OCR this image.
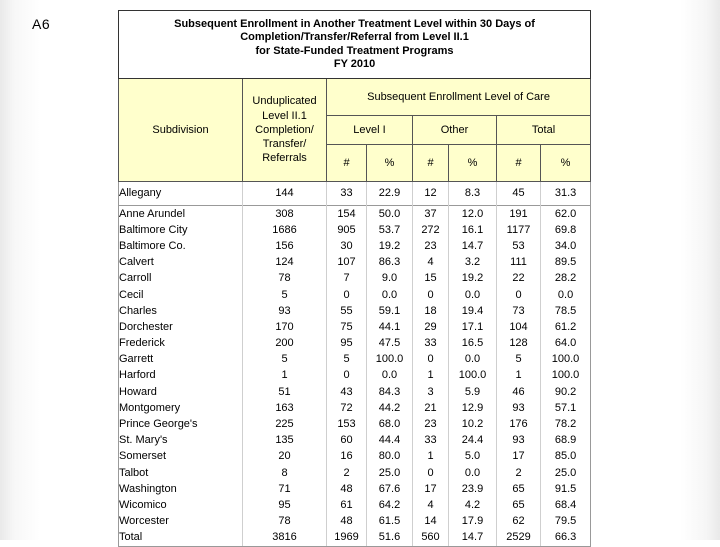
A6	Subsequent Enrollment in Another Treatment Level within 30 Days of
Completion/Transfer/Referral from Level II.1
for State-Funded Treatment Programs
FY 2010							

Subdivision	Unduplicated
Level II.1
Completion/
Transfer/
Referrals	Subsequent Enrollment Level of Care					
		Level I		Other		Total	
		#	%	#	%	#	%
Allegany	144	33	22.9	12	8.3	45	31.3
Anne Arundel	308	154	50.0	37	12.0	191	62.0
Baltimore City	1686	905	53.7	272	16.1	1177	69.8
Baltimore Co.	156	30	19.2	23	14.7	53	34.0
Calvert	124	107	86.3	4	3.2	111	89.5
Carroll	78	7	9.0	15	19.2	22	28.2
Cecil	5	0	0.0	0	0.0	0	0.0
Charles	93	55	59.1	18	19.4	73	78.5
Dorchester	170	75	44.1	29	17.1	104	61.2
Frederick	200	95	47.5	33	16.5	128	64.0
Garrett	5	5	100.0	0	0.0	5	100.0
Harford	1	0	0.0	1	100.0	1	100.0
Howard	51	43	84.3	3	5.9	46	90.2
Montgomery	163	72	44.2	21	12.9	93	57.1
Prince George's	225	153	68.0	23	10.2	176	78.2
St. Mary's	135	60	44.4	33	24.4	93	68.9
Somerset	20	16	80.0	1	5.0	17	85.0
Talbot	8	2	25.0	0	0.0	2	25.0
Washington	71	48	67.6	17	23.9	65	91.5
Wicomico	95	61	64.2	4	4.2	65	68.4
Worcester	78	48	61.5	14	17.9	62	79.5
Total	3816	1969	51.6	560	14.7	2529	66.3
